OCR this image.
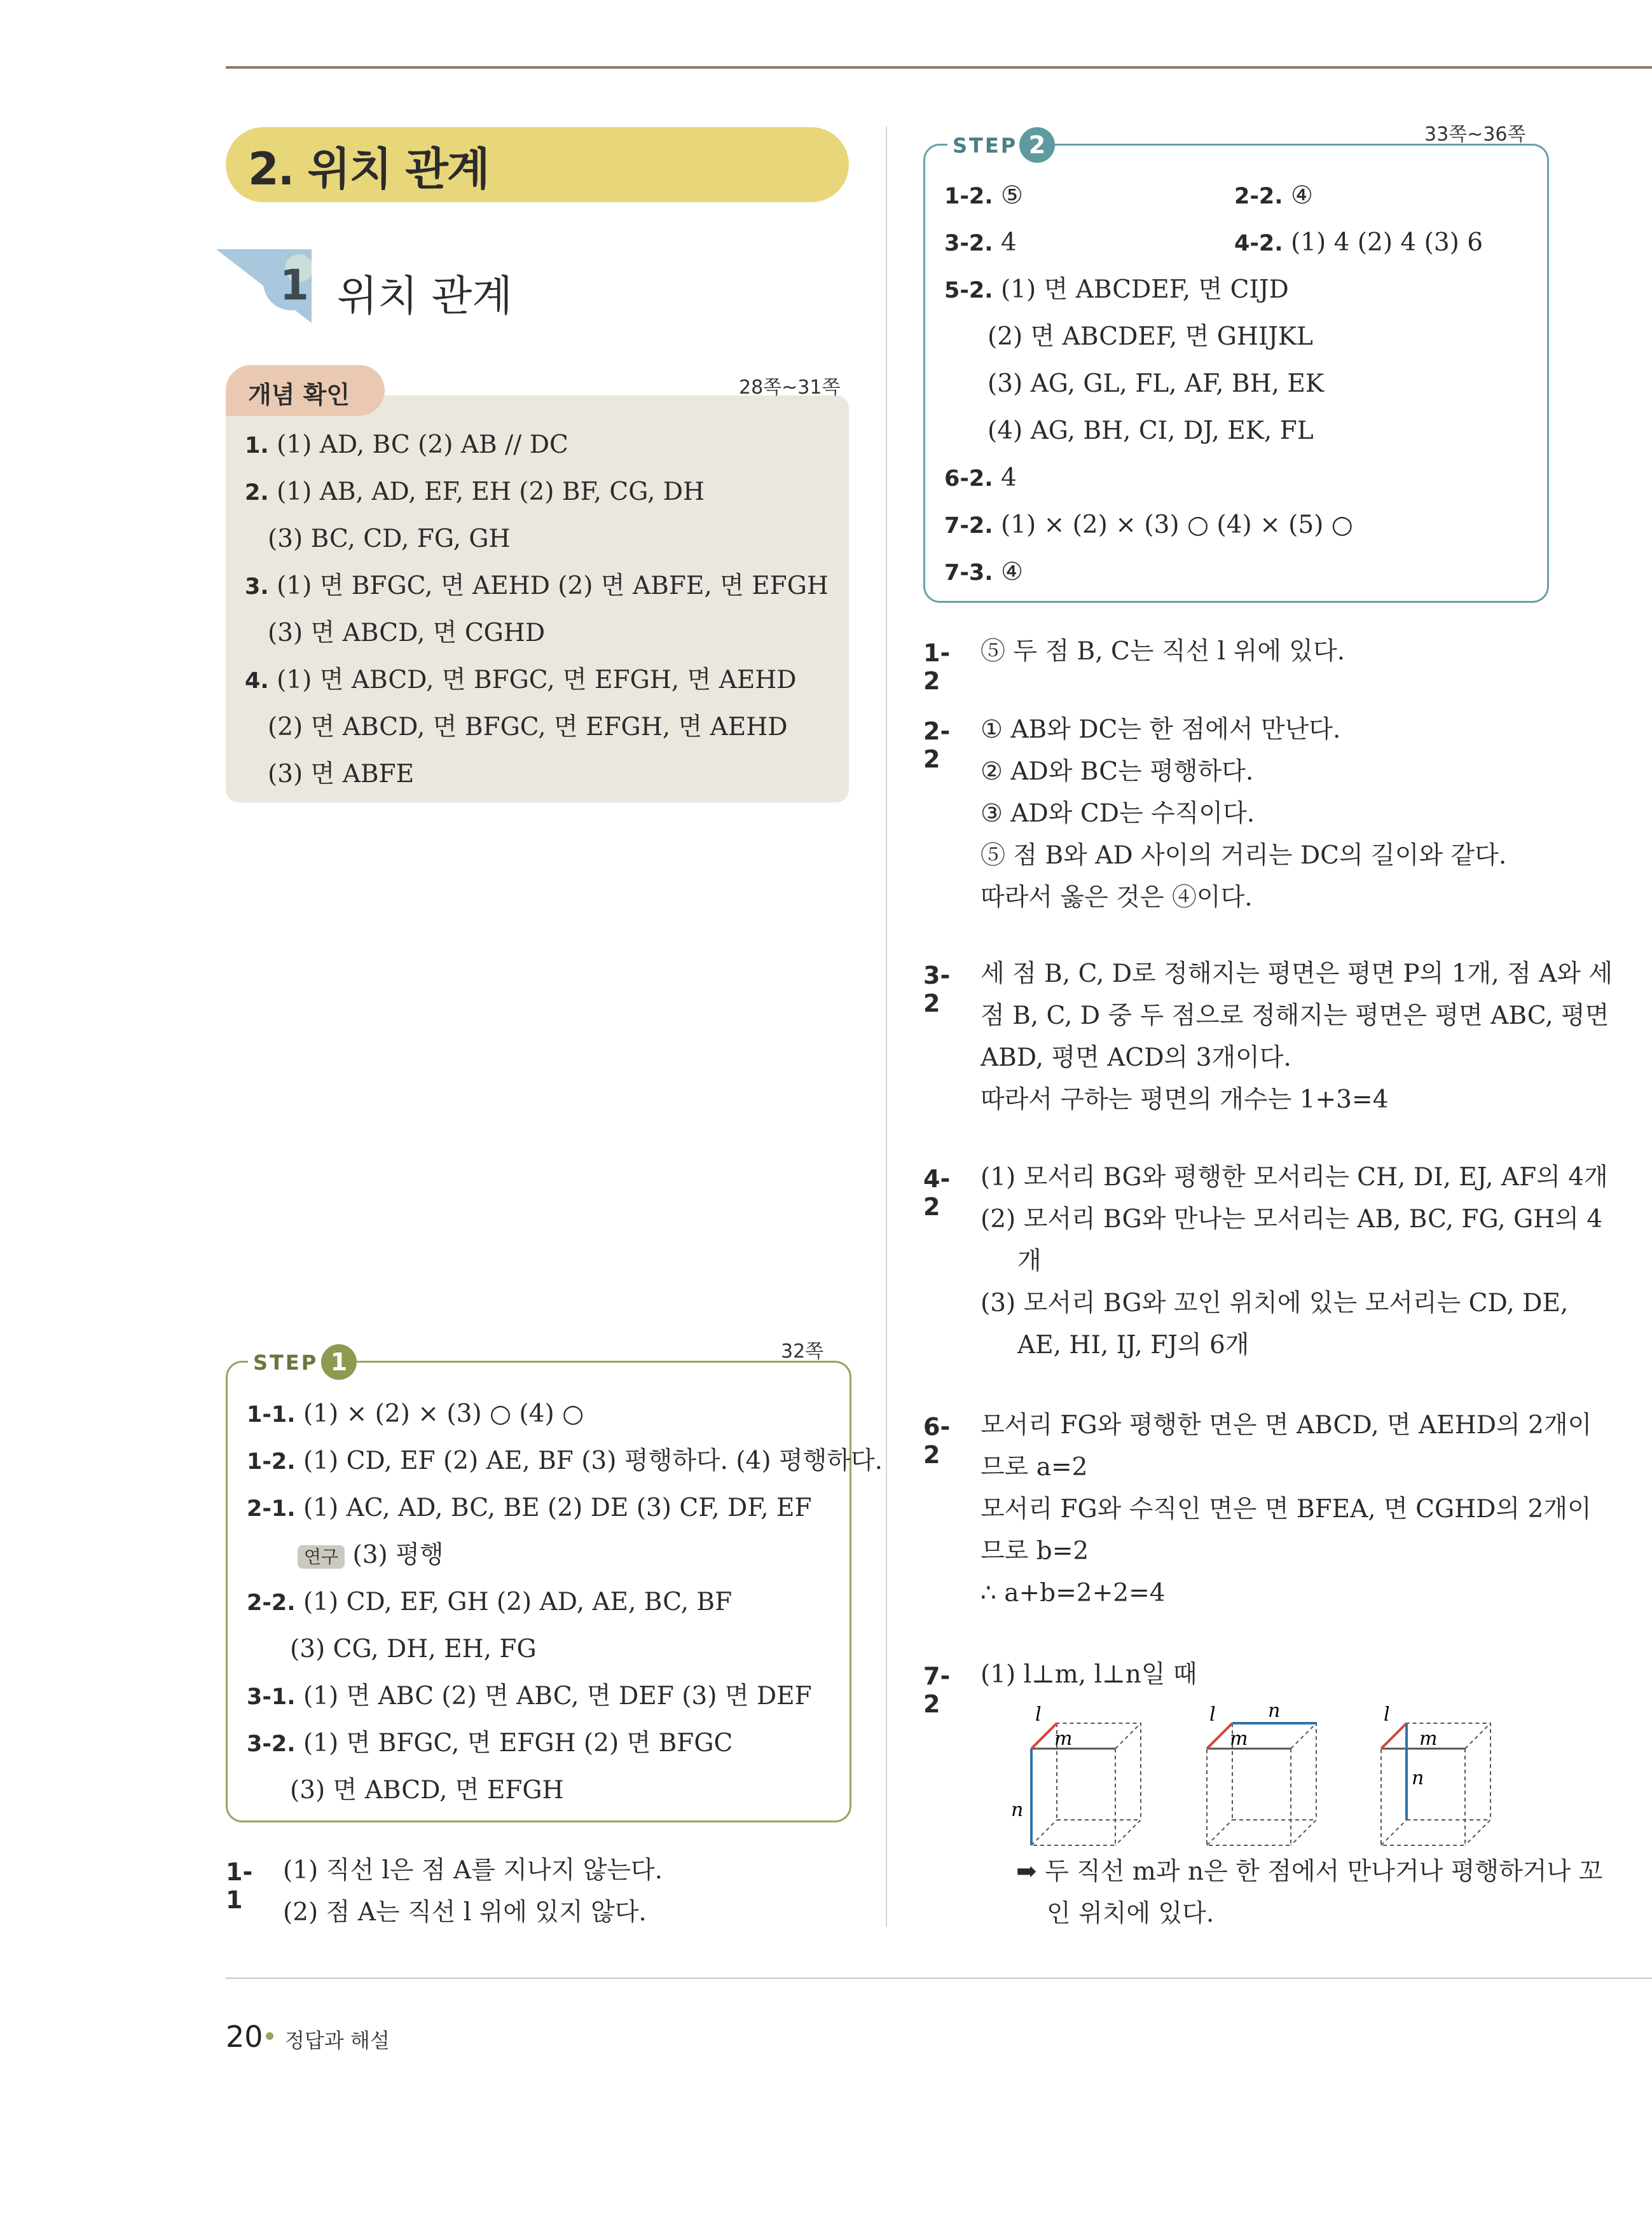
2. 위치 관계
1 위치 관계
개념 확인	28쪽~31쪽
1. (1) AD, BC (2) AB // DC
2. (1) AB, AD, EF, EH (2) BF, CG, DH
(3) BC, CD, FG, GH
3. (1) 면 BFGC, 면 AEHD (2) 면 ABFE, 면 EFGH
(3) 면 ABCD, 면 CGHD
4. (1) 면 ABCD, 면 BFGC, 면 EFGH, 면 AEHD
(2) 면 ABCD, 면 BFGC, 면 EFGH, 면 AEHD
(3) 면 ABFE
STEP 1	32쪽
1-1. (1) × (2) × (3) ○ (4) ○
1-2. (1) CD, EF (2) AE, BF (3) 평행하다. (4) 평행하다.
2-1. (1) AC, AD, BC, BE (2) DE (3) CF, DF, EF
연구 (3) 평행
2-2. (1) CD, EF, GH (2) AD, AE, BC, BF
(3) CG, DH, EH, FG
3-1. (1) 면 ABC (2) 면 ABC, 면 DEF (3) 면 DEF
3-2. (1) 면 BFGC, 면 EFGH (2) 면 BFGC
(3) 면 ABCD, 면 EFGH
1-1
(1) 직선 l은 점 A를 지나지 않는다.
(2) 점 A는 직선 l 위에 있지 않다.
STEP 2	33쪽~36쪽
1-2. ⑤	2-2. ④
3-2. 4	4-2. (1) 4 (2) 4 (3) 6
5-2. (1) 면 ABCDEF, 면 CIJD
(2) 면 ABCDEF, 면 GHIJKL
(3) AG, GL, FL, AF, BH, EK
(4) AG, BH, CI, DJ, EK, FL
6-2. 4
7-2. (1) × (2) × (3) ○ (4) × (5) ○
7-3. ④
1-2
⑤ 두 점 B, C는 직선 l 위에 있다.
2-2
① AB와 DC는 한 점에서 만난다.
② AD와 BC는 평행하다.
③ AD와 CD는 수직이다.
⑤ 점 B와 AD 사이의 거리는 DC의 길이와 같다.
따라서 옳은 것은 ④이다.
3-2
세 점 B, C, D로 정해지는 평면은 평면 P의 1개, 점 A와 세
점 B, C, D 중 두 점으로 정해지는 평면은 평면 ABC, 평면
ABD, 평면 ACD의 3개이다.
따라서 구하는 평면의 개수는 1+3=4
4-2
(1) 모서리 BG와 평행한 모서리는 CH, DI, EJ, AF의 4개
(2) 모서리 BG와 만나는 모서리는 AB, BC, FG, GH의 4
개
(3) 모서리 BG와 꼬인 위치에 있는 모서리는 CD, DE,
AE, HI, IJ, FJ의 6개
6-2
모서리 FG와 평행한 면은 면 ABCD, 면 AEHD의 2개이
므로 a=2
모서리 FG와 수직인 면은 면 BFEA, 면 CGHD의 2개이
므로 b=2
∴ a+b=2+2=4
7-2
(1) l⊥m, l⊥n일 때
l
m
n
l	n
m
l
m
n
➡ 두 직선 m과 n은 한 점에서 만나거나 평행하거나 꼬
인 위치에 있다.
20 정답과 해설
